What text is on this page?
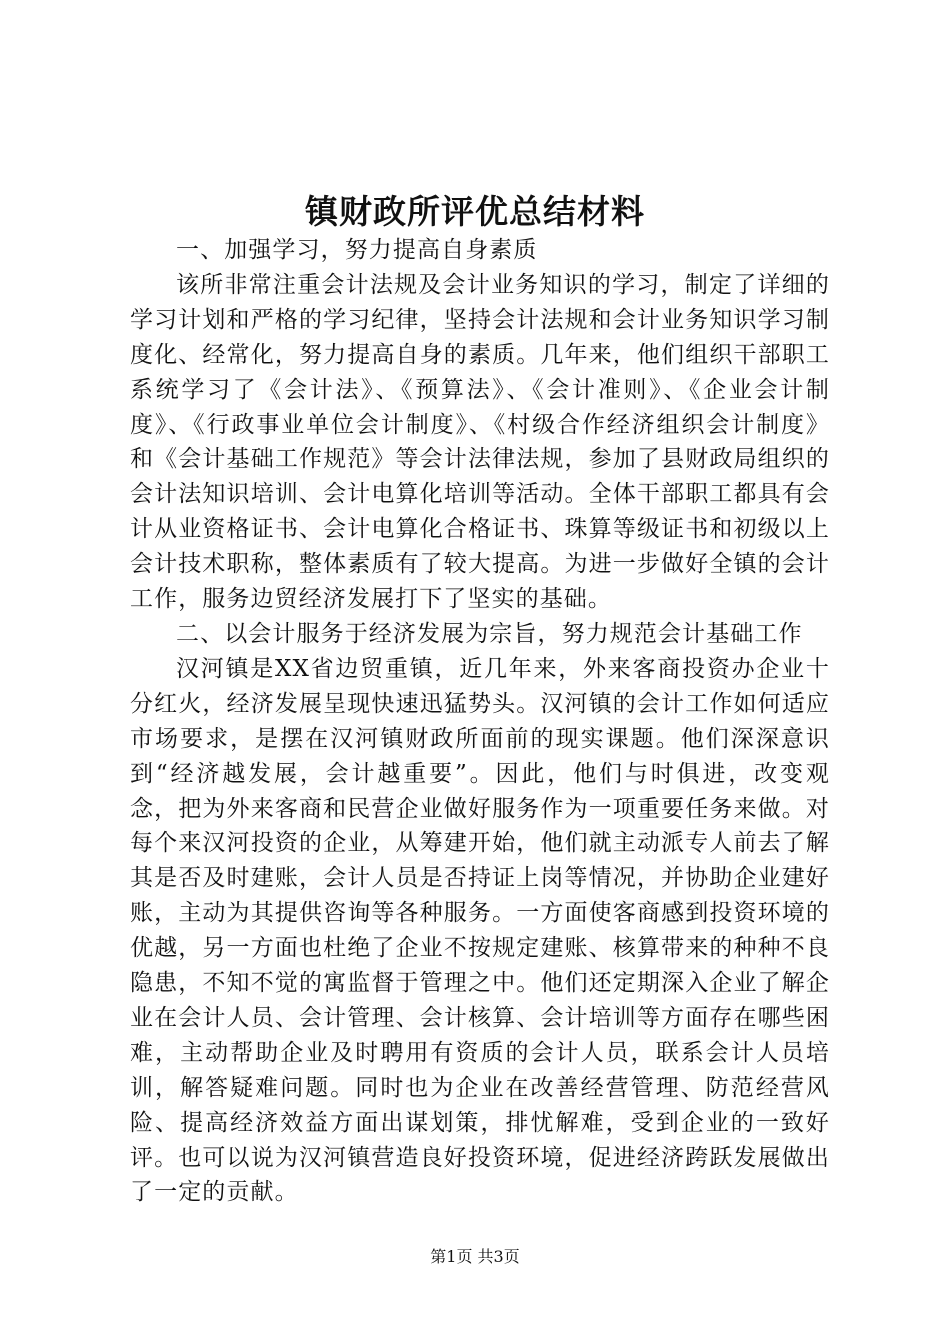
镇财政所评优总结材料

一、加强学习，努力提高自身素质

该所非常注重会计法规及会计业务知识的学习，制定了详细的学习计划和严格的学习纪律，坚持会计法规和会计业务知识学习制度化、经常化，努力提高自身的素质。几年来，他们组织干部职工系统学习了《会计法》、《预算法》、《会计准则》、《企业会计制度》、《行政事业单位会计制度》、《村级合作经济组织会计制度》和《会计基础工作规范》等会计法律法规，参加了县财政局组织的会计法知识培训、会计电算化培训等活动。全体干部职工都具有会计从业资格证书、会计电算化合格证书、珠算等级证书和初级以上会计技术职称，整体素质有了较大提高。为进一步做好全镇的会计工作，服务边贸经济发展打下了坚实的基础。

二、以会计服务于经济发展为宗旨，努力规范会计基础工作

汉河镇是XX省边贸重镇，近几年来，外来客商投资办企业十分红火，经济发展呈现快速迅猛势头。汉河镇的会计工作如何适应市场要求，是摆在汉河镇财政所面前的现实课题。他们深深意识到“经济越发展，会计越重要”。因此，他们与时俱进，改变观念，把为外来客商和民营企业做好服务作为一项重要任务来做。对每个来汉河投资的企业，从筹建开始，他们就主动派专人前去了解其是否及时建账，会计人员是否持证上岗等情况，并协助企业建好账，主动为其提供咨询等各种服务。一方面使客商感到投资环境的优越，另一方面也杜绝了企业不按规定建账、核算带来的种种不良隐患，不知不觉的寓监督于管理之中。他们还定期深入企业了解企业在会计人员、会计管理、会计核算、会计培训等方面存在哪些困难，主动帮助企业及时聘用有资质的会计人员，联系会计人员培训，解答疑难问题。同时也为企业在改善经营管理、防范经营风险、提高经济效益方面出谋划策，排忧解难，受到企业的一致好评。也可以说为汉河镇营造良好投资环境，促进经济跨跃发展做出了一定的贡献。

第1页 共3页
